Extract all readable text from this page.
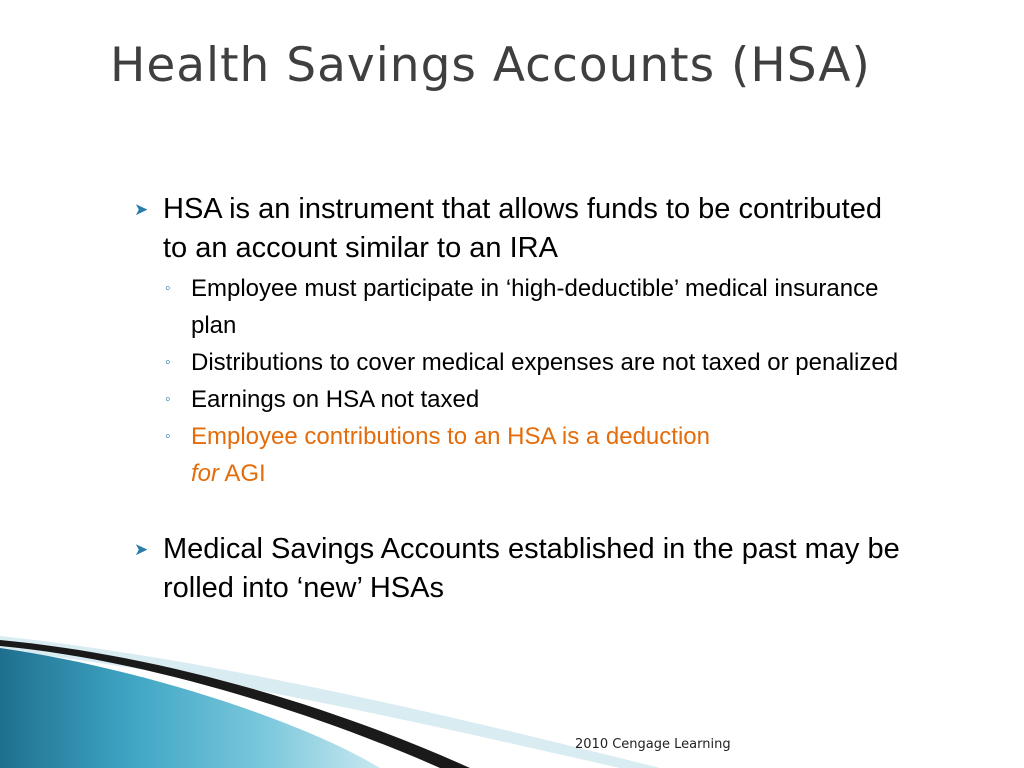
Health Savings Accounts (HSA)
➤ HSA is an instrument that allows funds to be contributed to an account similar to an IRA
◦ Employee must participate in ‘high-deductible’ medical insurance plan
◦ Distributions to cover medical expenses are not taxed or penalized
◦ Earnings on HSA not taxed
◦ Employee contributions to an HSA is a deduction
for AGI
➤ Medical Savings Accounts established in the past may be rolled into ‘new’ HSAs
2010 Cengage Learning
